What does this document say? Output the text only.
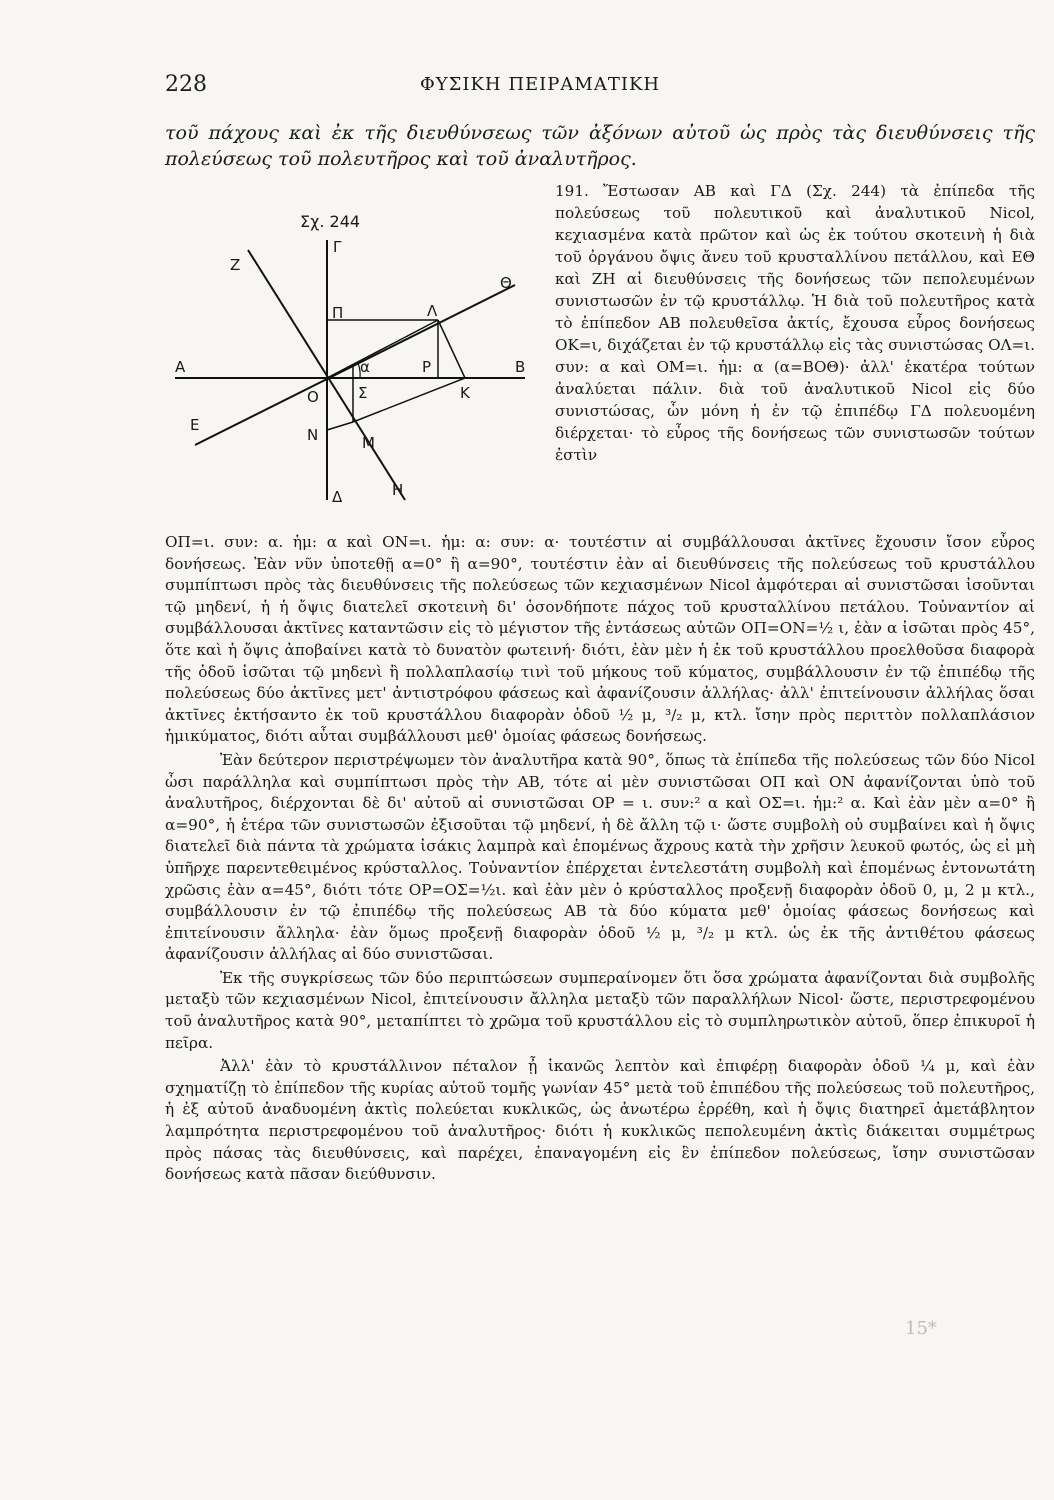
228	ΦΥΣΙΚΗ ΠΕΙΡΑΜΑΤΙΚΗ
τοῦ πάχους καὶ ἐκ τῆς διευθύνσεως τῶν ἀξόνων αὐτοῦ ὡς πρὸς τὰς διευθύνσεις τῆς πολεύσεως τοῦ πολευτῆρος καὶ τοῦ ἀναλυτῆρος.
Σχ. 244
Z
Γ
Θ
Π	Λ
A	α	Ρ	B
O	Σ	K
E
N	M
Δ	H
191. Ἔστωσαν ΑΒ καὶ ΓΔ (Σχ. 244) τὰ ἐπίπεδα τῆς πολεύσεως τοῦ πολευτικοῦ καὶ ἀναλυτικοῦ Nicol, κεχιασμένα κατὰ πρῶτον καὶ ὡς ἐκ τούτου σκοτεινὴ ἡ διὰ τοῦ ὀργάνου ὄψις ἄνευ τοῦ κρυσταλλίνου πετάλλου, καὶ ΕΘ καὶ ΖΗ αἱ διευθύνσεις τῆς δονήσεως τῶν πεπολευμένων συνιστωσῶν ἐν τῷ κρυστάλλῳ. Ἡ διὰ τοῦ πολευτῆρος κατὰ τὸ ἐπίπεδον ΑΒ πολευθεῖσα ἀκτίς, ἔχουσα εὖρος δονήσεως ΟΚ=ι, διχάζεται ἐν τῷ κρυστάλλῳ εἰς τὰς συνιστώσας ΟΛ=ι. συν: α καὶ ΟΜ=ι. ἡμ: α (α=ΒΟΘ)· ἀλλ' ἑκατέρα τούτων ἀναλύεται πάλιν. διὰ τοῦ ἀναλυτικοῦ Nicol εἰς δύο συνιστώσας, ὧν μόνη ἡ ἐν τῷ ἐπιπέδῳ ΓΔ πολευομένη διέρχεται· τὸ εὖρος τῆς δονήσεως τῶν συνιστωσῶν τούτων ἐστὶν

ΟΠ=ι. συν: α. ἡμ: α καὶ ΟΝ=ι. ἡμ: α: συν: α· τουτέστιν αἱ συμβάλλουσαι ἀκτῖνες ἔχουσιν ἴσον εὖρος δονήσεως. Ἐὰν νῦν ὑποτεθῇ α=0° ἢ α=90°, τουτέστιν ἐὰν αἱ διευθύνσεις τῆς πολεύσεως τοῦ κρυστάλλου συμπίπτωσι πρὸς τὰς διευθύνσεις τῆς πολεύσεως τῶν κεχιασμένων Nicol ἀμφότεραι αἱ συνιστῶσαι ἰσοῦνται τῷ μηδενί, ἡ ἡ ὄψις διατελεῖ σκοτεινὴ δι' ὁσονδήποτε πάχος τοῦ κρυσταλλίνου πετάλου. Τοὐναντίον αἱ συμβάλλουσαι ἀκτῖνες καταντῶσιν εἰς τὸ μέγιστον τῆς ἐντάσεως αὐτῶν ΟΠ=ΟΝ=½ ι, ἐὰν α ἰσῶται πρὸς 45°, ὅτε καὶ ἡ ὄψις ἀποβαίνει κατὰ τὸ δυνατὸν φωτεινή· διότι, ἐὰν μὲν ἡ ἐκ τοῦ κρυστάλλου προελθοῦσα διαφορὰ τῆς ὁδοῦ ἰσῶται τῷ μηδενὶ ἢ πολλαπλασίῳ τινὶ τοῦ μήκους τοῦ κύματος, συμβάλλουσιν ἐν τῷ ἐπιπέδῳ τῆς πολεύσεως δύο ἀκτῖνες μετ' ἀντιστρόφου φάσεως καὶ ἀφανίζουσιν ἀλλήλας· ἀλλ' ἐπιτείνουσιν ἀλλήλας ὅσαι ἀκτῖνες ἐκτήσαντο ἐκ τοῦ κρυστάλλου διαφορὰν ὁδοῦ ½ μ, ³/₂ μ, κτλ. ἴσην πρὸς περιττὸν πολλαπλάσιον ἡμικύματος, διότι αὗται συμβάλλουσι μεθ' ὁμοίας φάσεως δονήσεως.

Ἐὰν δεύτερον περιστρέψωμεν τὸν ἀναλυτῆρα κατὰ 90°, ὅπως τὰ ἐπίπεδα τῆς πολεύσεως τῶν δύο Nicol ὦσι παράλληλα καὶ συμπίπτωσι πρὸς τὴν ΑΒ, τότε αἱ μὲν συνιστῶσαι ΟΠ καὶ ΟΝ ἀφανίζονται ὑπὸ τοῦ ἀναλυτῆρος, διέρχονται δὲ δι' αὐτοῦ αἱ συνιστῶσαι ΟΡ = ι. συν:² α καὶ ΟΣ=ι. ἡμ:² α. Καὶ ἐὰν μὲν α=0° ἢ α=90°, ἡ ἑτέρα τῶν συνιστωσῶν ἐξισοῦται τῷ μηδενί, ἡ δὲ ἄλλη τῷ ι· ὥστε συμβολὴ οὐ συμβαίνει καὶ ἡ ὄψις διατελεῖ διὰ πάντα τὰ χρώματα ἰσάκις λαμπρὰ καὶ ἑπομένως ἄχρους κατὰ τὴν χρῆσιν λευκοῦ φωτός, ὡς εἰ μὴ ὑπῆρχε παρεντεθειμένος κρύσταλλος. Τοὐναντίον ἐπέρχεται ἐντελεστάτη συμβολὴ καὶ ἑπομένως ἐντονωτάτη χρῶσις ἐὰν α=45°, διότι τότε ΟΡ=ΟΣ=½ι. καὶ ἐὰν μὲν ὁ κρύσταλλος προξενῇ διαφορὰν ὁδοῦ 0, μ, 2 μ κτλ., συμβάλλουσιν ἐν τῷ ἐπιπέδῳ τῆς πολεύσεως ΑΒ τὰ δύο κύματα μεθ' ὁμοίας φάσεως δονήσεως καὶ ἐπιτείνουσιν ἄλληλα· ἐὰν ὅμως προξενῇ διαφορὰν ὁδοῦ ½ μ, ³/₂ μ κτλ. ὡς ἐκ τῆς ἀντιθέτου φάσεως ἀφανίζουσιν ἀλλήλας αἱ δύο συνιστῶσαι.

Ἐκ τῆς συγκρίσεως τῶν δύο περιπτώσεων συμπεραίνομεν ὅτι ὅσα χρώματα ἀφανίζονται διὰ συμβολῆς μεταξὺ τῶν κεχιασμένων Nicol, ἐπιτείνουσιν ἄλληλα μεταξὺ τῶν παραλλήλων Nicol· ὥστε, περιστρεφομένου τοῦ ἀναλυτῆρος κατὰ 90°, μεταπίπτει τὸ χρῶμα τοῦ κρυστάλλου εἰς τὸ συμπληρωτικὸν αὐτοῦ, ὅπερ ἐπικυροῖ ἡ πεῖρα.

Ἀλλ' ἐὰν τὸ κρυστάλλινον πέταλον ᾖ ἱκανῶς λεπτὸν καὶ ἐπιφέρῃ διαφορὰν ὁδοῦ ¼ μ, καὶ ἐὰν σχηματίζῃ τὸ ἐπίπεδον τῆς κυρίας αὐτοῦ τομῆς γωνίαν 45° μετὰ τοῦ ἐπιπέδου τῆς πολεύσεως τοῦ πολευτῆρος, ἡ ἐξ αὐτοῦ ἀναδυομένη ἀκτὶς πολεύεται κυκλικῶς, ὡς ἀνωτέρω ἐρρέθη, καὶ ἡ ὄψις διατηρεῖ ἀμετάβλητον λαμπρότητα περιστρεφομένου τοῦ ἀναλυτῆρος· διότι ἡ κυκλικῶς πεπολευμένη ἀκτὶς διάκειται συμμέτρως πρὸς πάσας τὰς διευθύνσεις, καὶ παρέχει, ἐπαναγομένη εἰς ἓν ἐπίπεδον πολεύσεως, ἴσην συνιστῶσαν δονήσεως κατὰ πᾶσαν διεύθυνσιν.

15*
